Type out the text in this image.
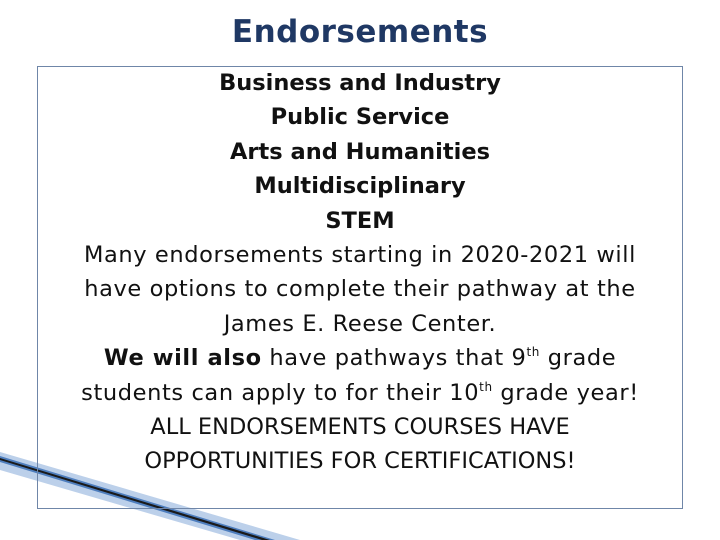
Endorsements
Business and Industry
Public Service
Arts and Humanities
Multidisciplinary
STEM
Many endorsements starting in 2020-2021 will
have options to complete their pathway at the
James E. Reese Center.
We will also have pathways that 9th grade
students can apply to for their 10th grade year!
ALL ENDORSEMENTS COURSES HAVE
OPPORTUNITIES FOR CERTIFICATIONS!
